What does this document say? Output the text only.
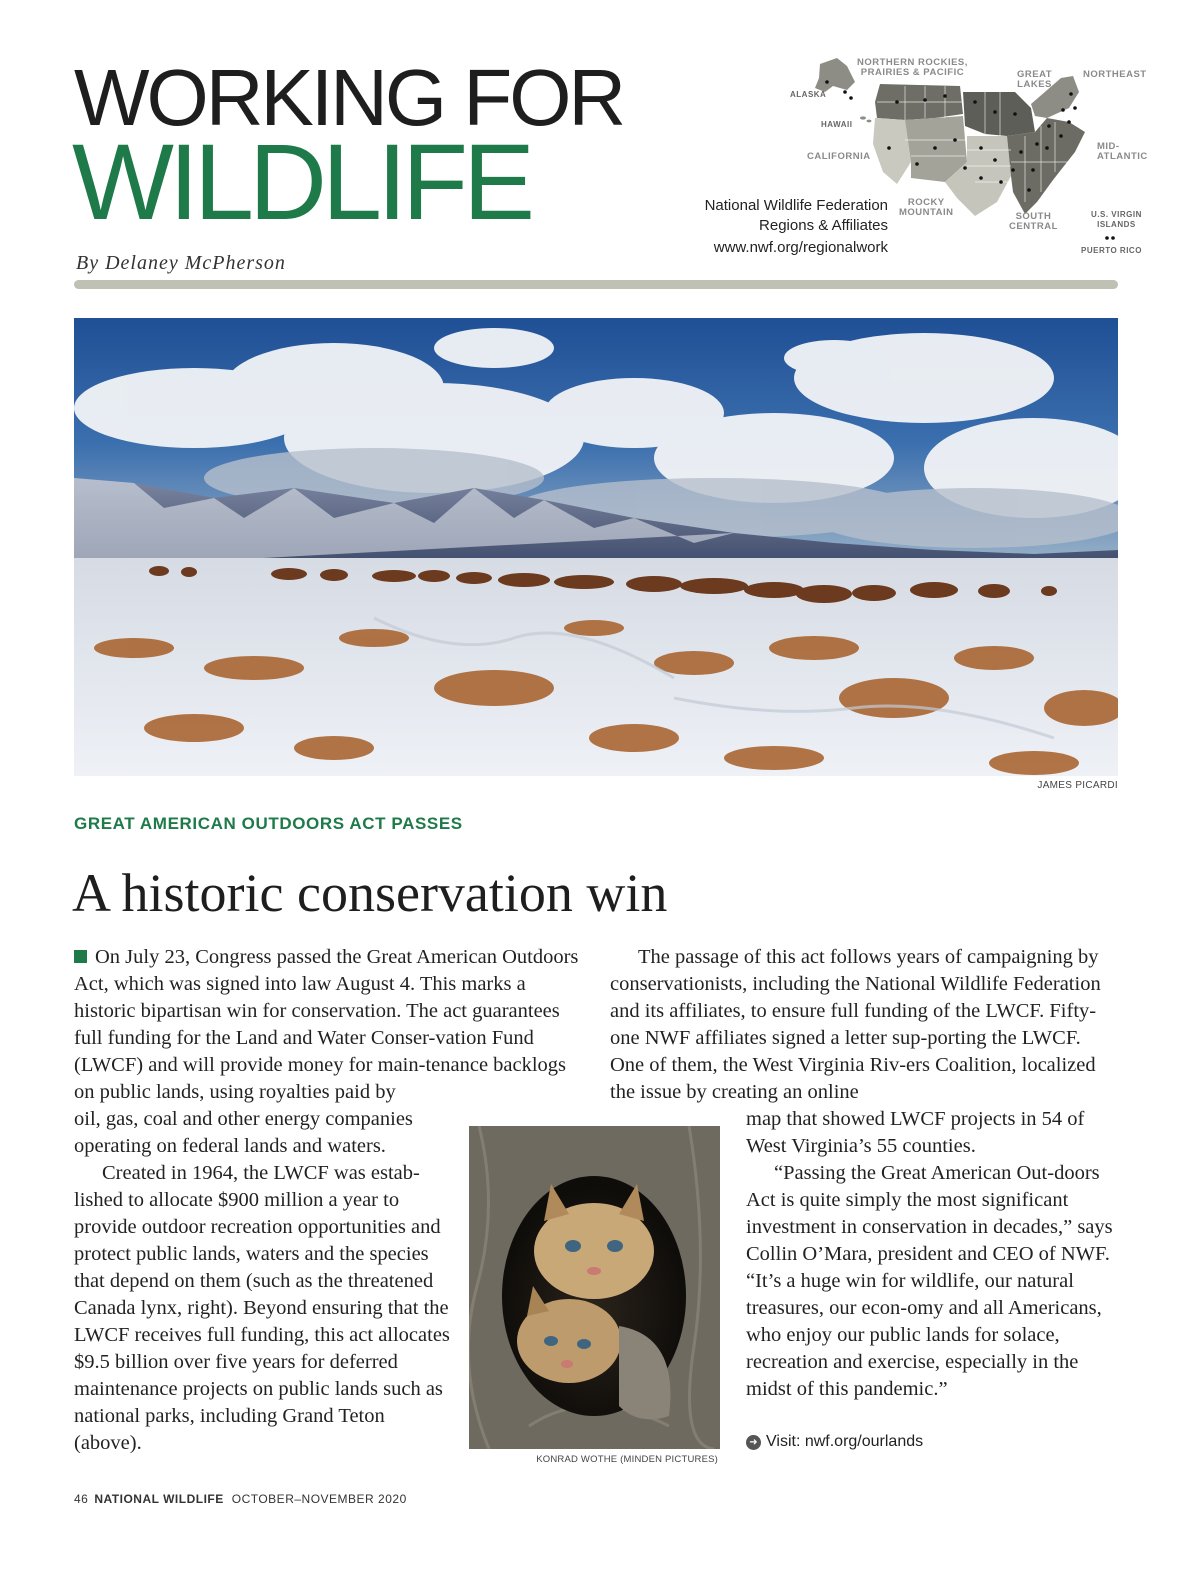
WORKING FOR
WILDLIFE
By Delaney McPherson
NORTHERN ROCKIES,
PRAIRIES & PACIFIC	GREAT
LAKES
NORTHEAST
ALASKA
HAWAII
CALIFORNIA
MID-
ATLANTIC
ROCKY
MOUNTAIN	SOUTH
CENTRAL
U.S. VIRGIN
ISLANDS
PUERTO RICO
National Wildlife Federation
Regions & Affiliates
www.nwf.org/regionalwork
JAMES PICARDI
GREAT AMERICAN OUTDOORS ACT PASSES
A historic conservation win

On July 23, Congress passed the Great American Outdoors Act, which was signed into law August 4. This marks a historic bipartisan win for conservation. The act guarantees full funding for the Land and Water Conser-vation Fund (LWCF) and will provide money for main-tenance backlogs on public lands, using royalties paid by

oil, gas, coal and other energy companies operating on federal lands and waters.

Created in 1964, the LWCF was estab-lished to allocate $900 million a year to provide outdoor recreation opportunities and protect public lands, waters and the species that depend on them (such as the threatened Canada lynx, right). Beyond ensuring that the LWCF receives full funding, this act allocates $9.5 billion over five years for deferred maintenance projects on public lands such as national parks, including Grand Teton (above).

The passage of this act follows years of campaigning by conservationists, including the National Wildlife Federation and its affiliates, to ensure full funding of the LWCF. Fifty-one NWF affiliates signed a letter sup-porting the LWCF. One of them, the West Virginia Riv-ers Coalition, localized the issue by creating an online

map that showed LWCF projects in 54 of West Virginia’s 55 counties.

“Passing the Great American Out-doors Act is quite simply the most significant investment in conservation in decades,” says Collin O’Mara, president and CEO of NWF. “It’s a huge win for wildlife, our natural treasures, our econ-omy and all Americans, who enjoy our public lands for solace, recreation and exercise, especially in the midst of this pandemic.”

KONRAD WOTHE (MINDEN PICTURES)
➜ Visit: nwf.org/ourlands
46 NATIONAL WILDLIFE OCTOBER–NOVEMBER 2020
